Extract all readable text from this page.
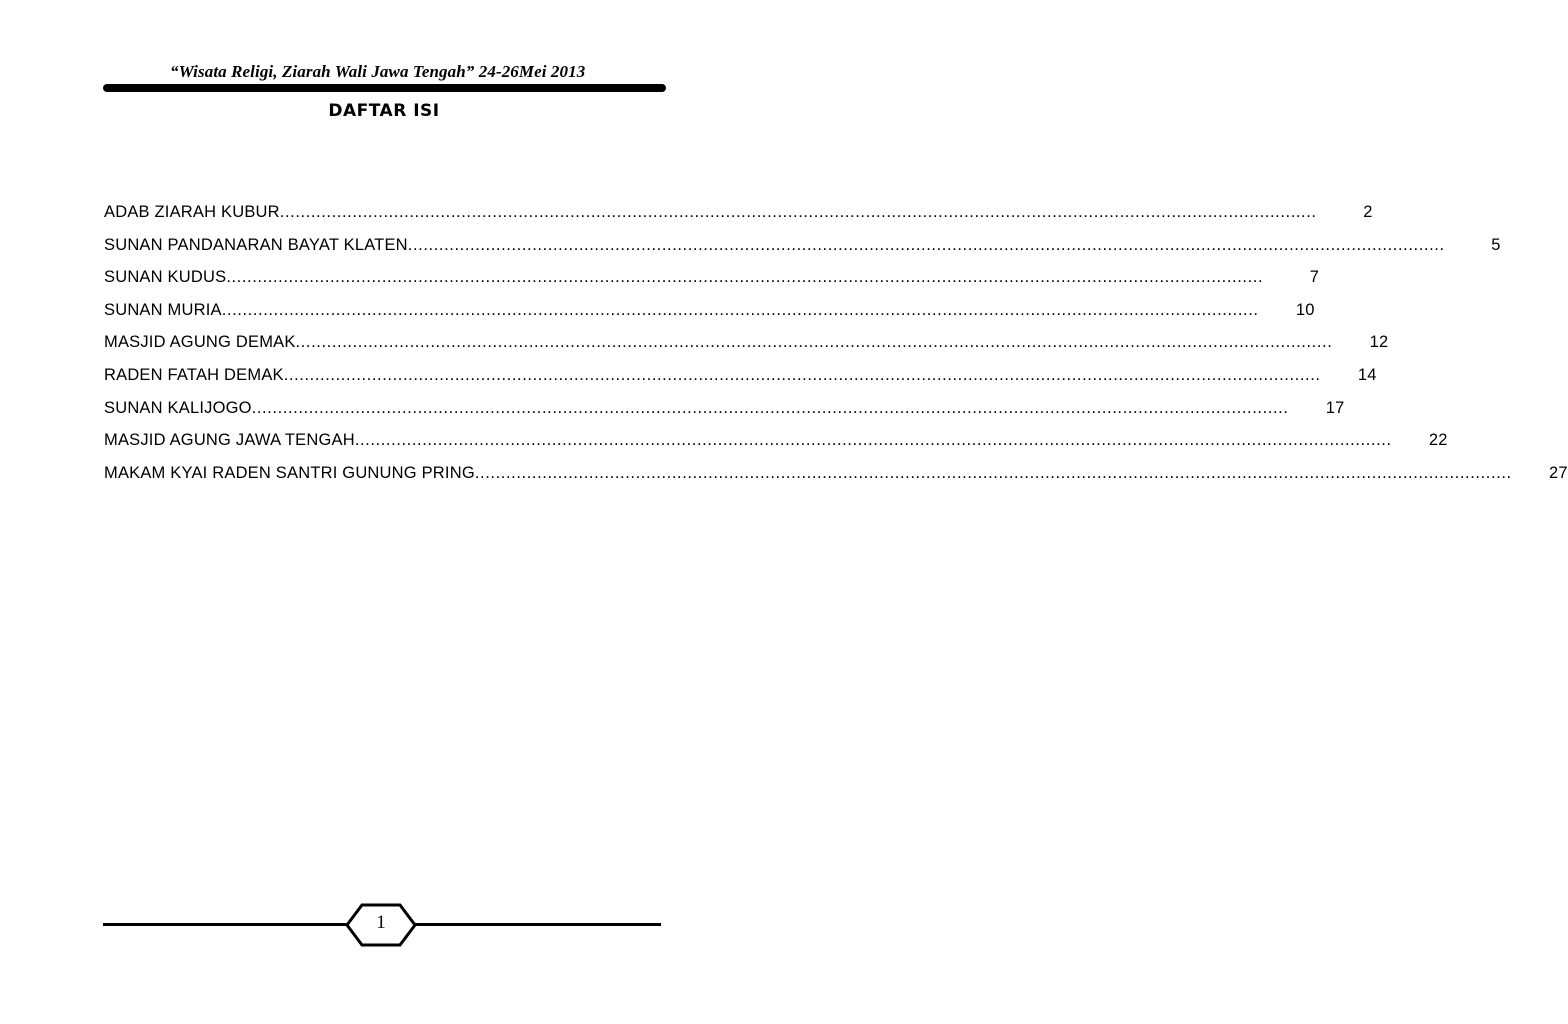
“Wisata Religi, Ziarah Wali Jawa Tengah” 24-26Mei 2013
DAFTAR ISI
ADAB ZIARAH KUBUR ........................................................................................................................................................................................................	2
SUNAN PANDANARAN BAYAT KLATEN ........................................................................................................................................................................................................	5
SUNAN KUDUS ........................................................................................................................................................................................................	7
SUNAN MURIA ........................................................................................................................................................................................................	10
MASJID AGUNG DEMAK ........................................................................................................................................................................................................	12
RADEN FATAH DEMAK ........................................................................................................................................................................................................	14
SUNAN KALIJOGO ........................................................................................................................................................................................................	17
MASJID AGUNG JAWA TENGAH ........................................................................................................................................................................................................	22
MAKAM KYAI RADEN SANTRI GUNUNG PRING ........................................................................................................................................................................................................	27
1
